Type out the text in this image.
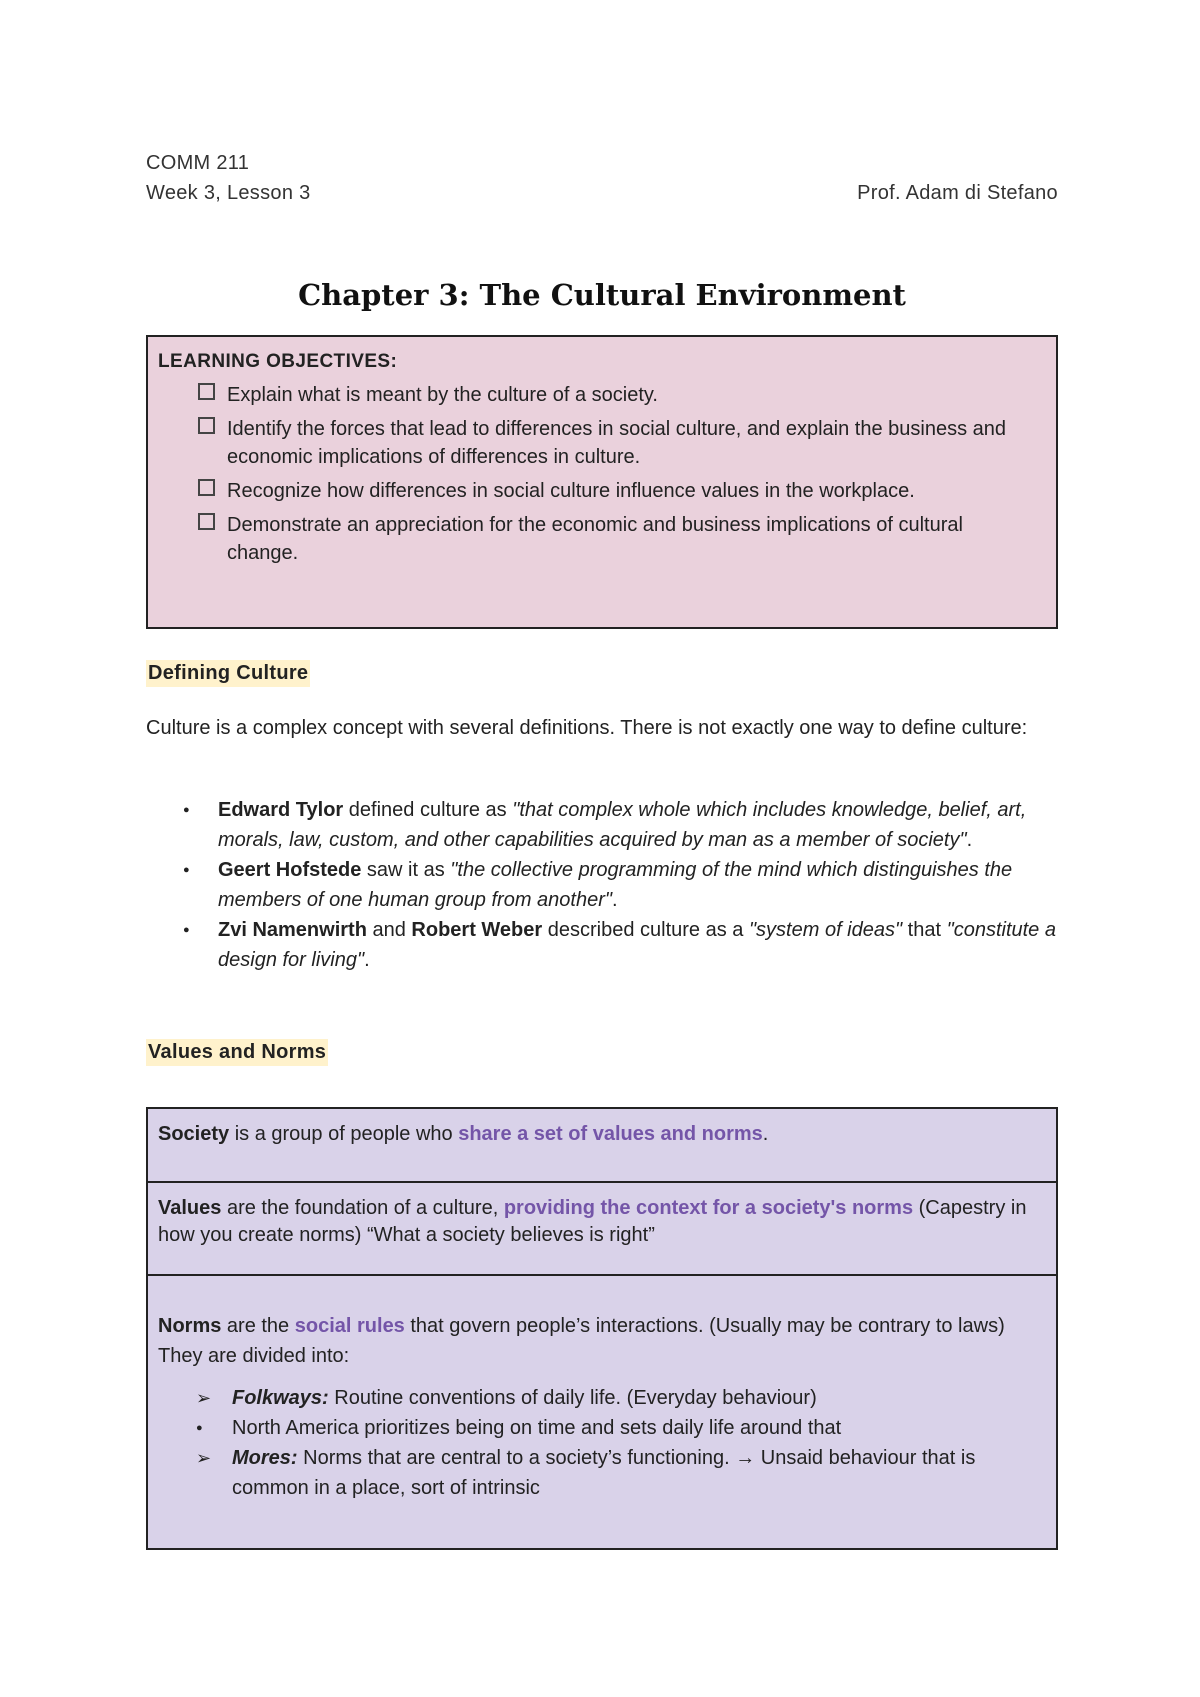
COMM 211
Week 3, Lesson 3	Prof. Adam di Stefano
Chapter 3: The Cultural Environment
LEARNING OBJECTIVES:
Explain what is meant by the culture of a society.
Identify the forces that lead to differences in social culture, and explain the business and economic implications of differences in culture.
Recognize how differences in social culture influence values in the workplace.
Demonstrate an appreciation for the economic and business implications of cultural change.
Defining Culture
Culture is a complex concept with several definitions. There is not exactly one way to define culture:
● Edward Tylor defined culture as "that complex whole which includes knowledge, belief, art, morals, law, custom, and other capabilities acquired by man as a member of society".
● Geert Hofstede saw it as "the collective programming of the mind which distinguishes the members of one human group from another".
● Zvi Namenwirth and Robert Weber described culture as a "system of ideas" that "constitute a design for living".
Values and Norms
Society is a group of people who share a set of values and norms.
Values are the foundation of a culture, providing the context for a society's norms (Capestry in how you create norms) “What a society believes is right”
Norms are the social rules that govern people’s interactions. (Usually may be contrary to laws) They are divided into:
➢ Folkways: Routine conventions of daily life. (Everyday behaviour)
● North America prioritizes being on time and sets daily life around that
➢ Mores: Norms that are central to a society’s functioning. → Unsaid behaviour that is common in a place, sort of intrinsic
